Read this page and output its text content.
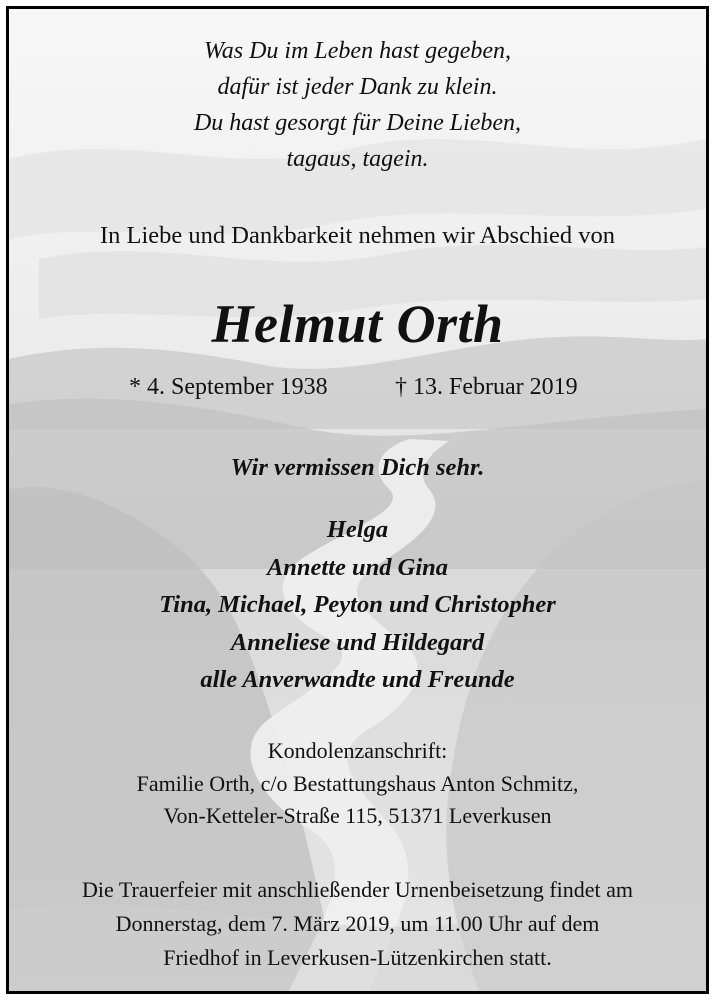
Was Du im Leben hast gegeben,
dafür ist jeder Dank zu klein.
Du hast gesorgt für Deine Lieben,
tagaus, tagein.
In Liebe und Dankbarkeit nehmen wir Abschied von
Helmut Orth
* 4. September 1938	† 13. Februar 2019
Wir vermissen Dich sehr.
Helga
Annette und Gina
Tina, Michael, Peyton und Christopher
Anneliese und Hildegard
alle Anverwandte und Freunde
Kondolenzanschrift:
Familie Orth, c/o Bestattungshaus Anton Schmitz,
Von-Ketteler-Straße 115, 51371 Leverkusen
Die Trauerfeier mit anschließender Urnenbeisetzung findet am
Donnerstag, dem 7. März 2019, um 11.00 Uhr auf dem
Friedhof in Leverkusen-Lützenkirchen statt.
